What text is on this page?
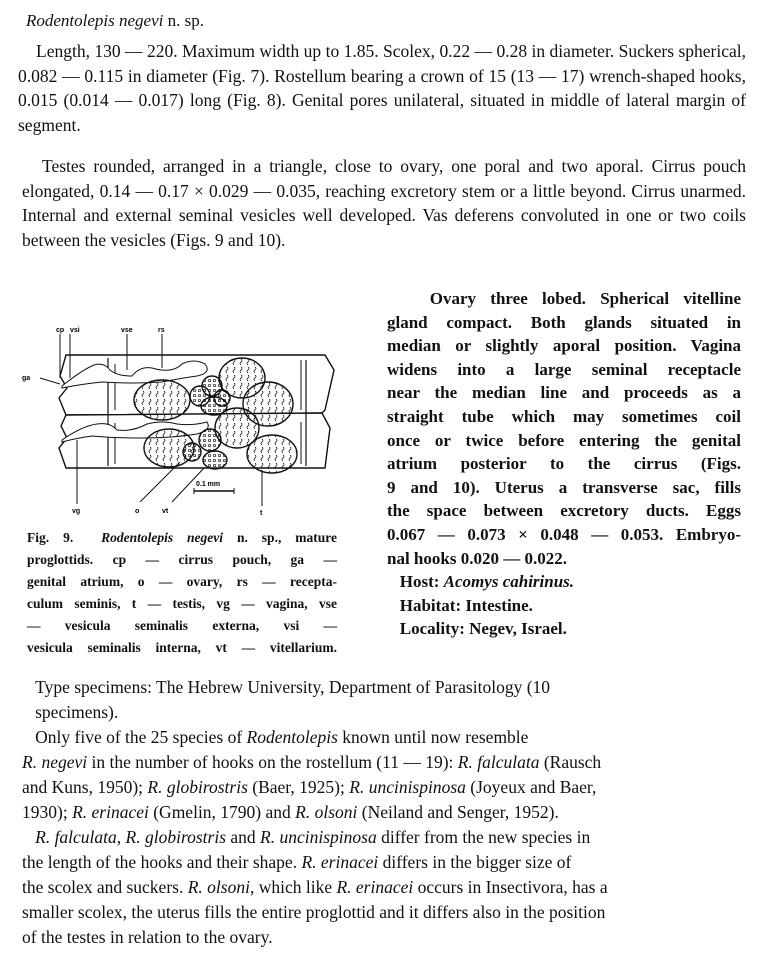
Rodentolepis negevi n. sp.
Length, 130 — 220. Maximum width up to 1.85. Scolex, 0.22 — 0.28 in diameter. Suckers spherical, 0.082 — 0.115 in diameter (Fig. 7). Rostellum bearing a crown of 15 (13 — 17) wrench-shaped hooks, 0.015 (0.014 — 0.017) long (Fig. 8). Genital pores unilateral, situated in middle of lateral margin of segment.
Testes rounded, arranged in a triangle, close to ovary, one poral and two aporal. Cirrus pouch elongated, 0.14 — 0.17 × 0.029 — 0.035, reaching excretory stem or a little beyond. Cirrus unarmed. Internal and external seminal vesicles well developed. Vas deferens convoluted in one or two coils between the vesicles (Figs. 9 and 10).
cp vsi	vse	rs
ga
vg	o	vt	t
0.1 mm
Ovary three lobed. Spherical vitelline
gland compact. Both glands situated in
median or slightly aporal position. Vagina
widens into a large seminal receptacle
near the median line and proceeds as a
straight tube which may sometimes coil
once or twice before entering the genital
atrium posterior to the cirrus (Figs.
9 and 10). Uterus a transverse sac, fills
the space between excretory ducts. Eggs
0.067 — 0.073 × 0.048 — 0.053. Embryo-
nal hooks 0.020 — 0.022.
Host: Acomys cahirinus.
Habitat: Intestine.
Locality: Negev, Israel.
Fig. 9. Rodentolepis negevi n. sp., mature
proglottids. cp — cirrus pouch, ga —
genital atrium, o — ovary, rs — recepta-
culum seminis, t — testis, vg — vagina, vse
— vesicula seminalis externa, vsi —
vesicula seminalis interna, vt — vitellarium.
Type specimens: The Hebrew University, Department of Parasitology (10
specimens).
Only five of the 25 species of Rodentolepis known until now resemble
R. negevi in the number of hooks on the rostellum (11 — 19): R. falculata (Rausch
and Kuns, 1950); R. globirostris (Baer, 1925); R. uncinispinosa (Joyeux and Baer,
1930); R. erinacei (Gmelin, 1790) and R. olsoni (Neiland and Senger, 1952).
R. falculata, R. globirostris and R. uncinispinosa differ from the new species in
the length of the hooks and their shape. R. erinacei differs in the bigger size of
the scolex and suckers. R. olsoni, which like R. erinacei occurs in Insectivora, has a
smaller scolex, the uterus fills the entire proglottid and it differs also in the position
of the testes in relation to the ovary.
